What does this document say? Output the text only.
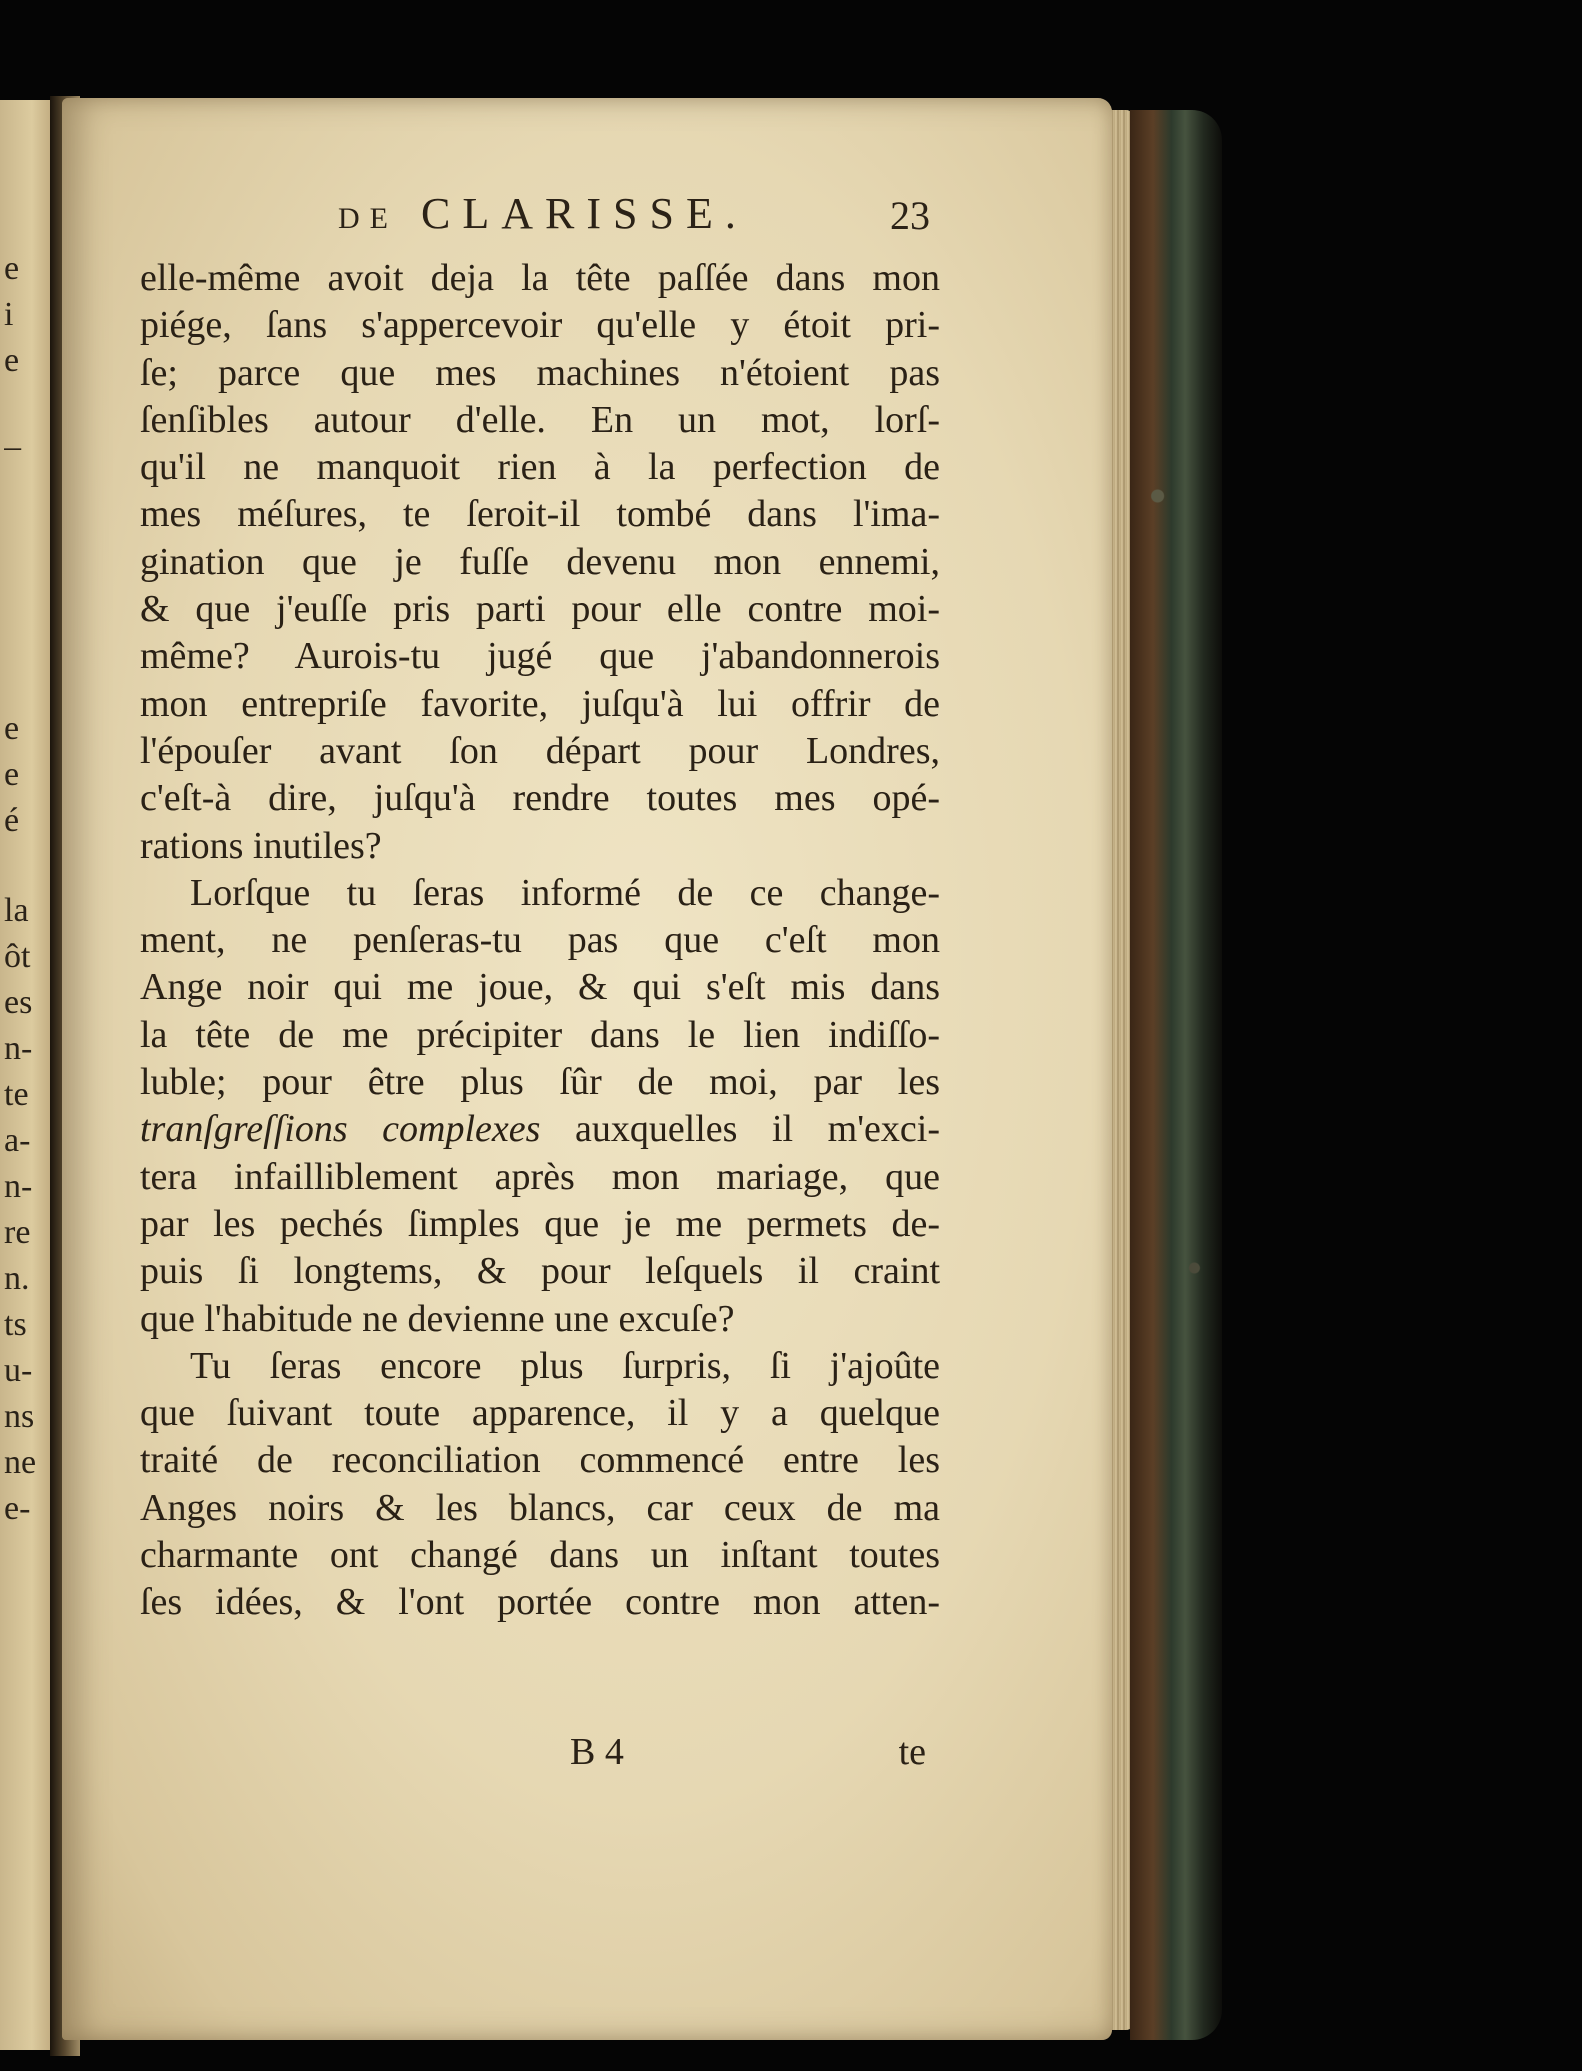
e
i
e
–
e
e
é
la
ôt
es
n-
te
a-
n-
re
n.
ts
u-
ns
ne
e-
DE CLARISSE.	23
elle-même avoit deja la tête paſſée dans mon
piége, ſans s'appercevoir qu'elle y étoit pri-
ſe; parce que mes machines n'étoient pas
ſenſibles autour d'elle. En un mot, lorſ-
qu'il ne manquoit rien à la perfection de
mes méſures, te ſeroit-il tombé dans l'ima-
gination que je fuſſe devenu mon ennemi,
& que j'euſſe pris parti pour elle contre moi-
même? Aurois-tu jugé que j'abandonnerois
mon entrepriſe favorite, juſqu'à lui offrir de
l'épouſer avant ſon départ pour Londres,
c'eſt-à dire, juſqu'à rendre toutes mes opé-
rations inutiles?
Lorſque tu ſeras informé de ce change-
ment, ne penſeras-tu pas que c'eſt mon
Ange noir qui me joue, & qui s'eſt mis dans
la tête de me précipiter dans le lien indiſſo-
luble; pour être plus ſûr de moi, par les
tranſgreſſions complexes auxquelles il m'exci-
tera infailliblement après mon mariage, que
par les pechés ſimples que je me permets de-
puis ſi longtems, & pour leſquels il craint
que l'habitude ne devienne une excuſe?
Tu ſeras encore plus ſurpris, ſi j'ajoûte
que ſuivant toute apparence, il y a quelque
traité de reconciliation commencé entre les
Anges noirs & les blancs, car ceux de ma
charmante ont changé dans un inſtant toutes
ſes idées, & l'ont portée contre mon atten-
B 4	te
